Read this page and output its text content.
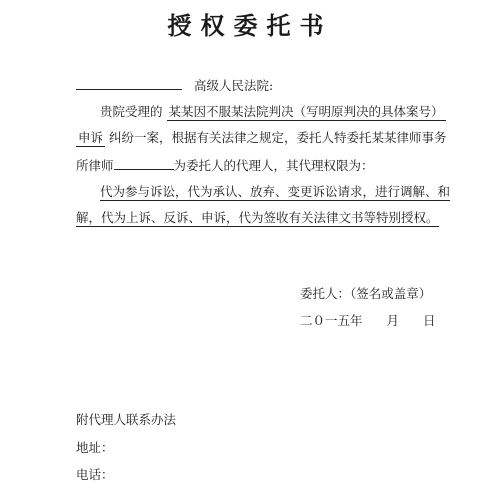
授权委托书
高级人民法院:
贵院受理的 某某因不服某法院判决（写明原判决的具体案号）
申诉 纠纷一案，根据有关法律之规定，委托人特委托某某律师事务
所律师	为委托人的代理人，其代理权限为：
代为参与诉讼，代为承认、放弃、变更诉讼请求，进行调解、和
解，代为上诉、反诉、申诉，代为签收有关法律文书等特别授权。
委托人：（签名或盖章）
二０一五年 月 日
附代理人联系办法
地址：
电话：
